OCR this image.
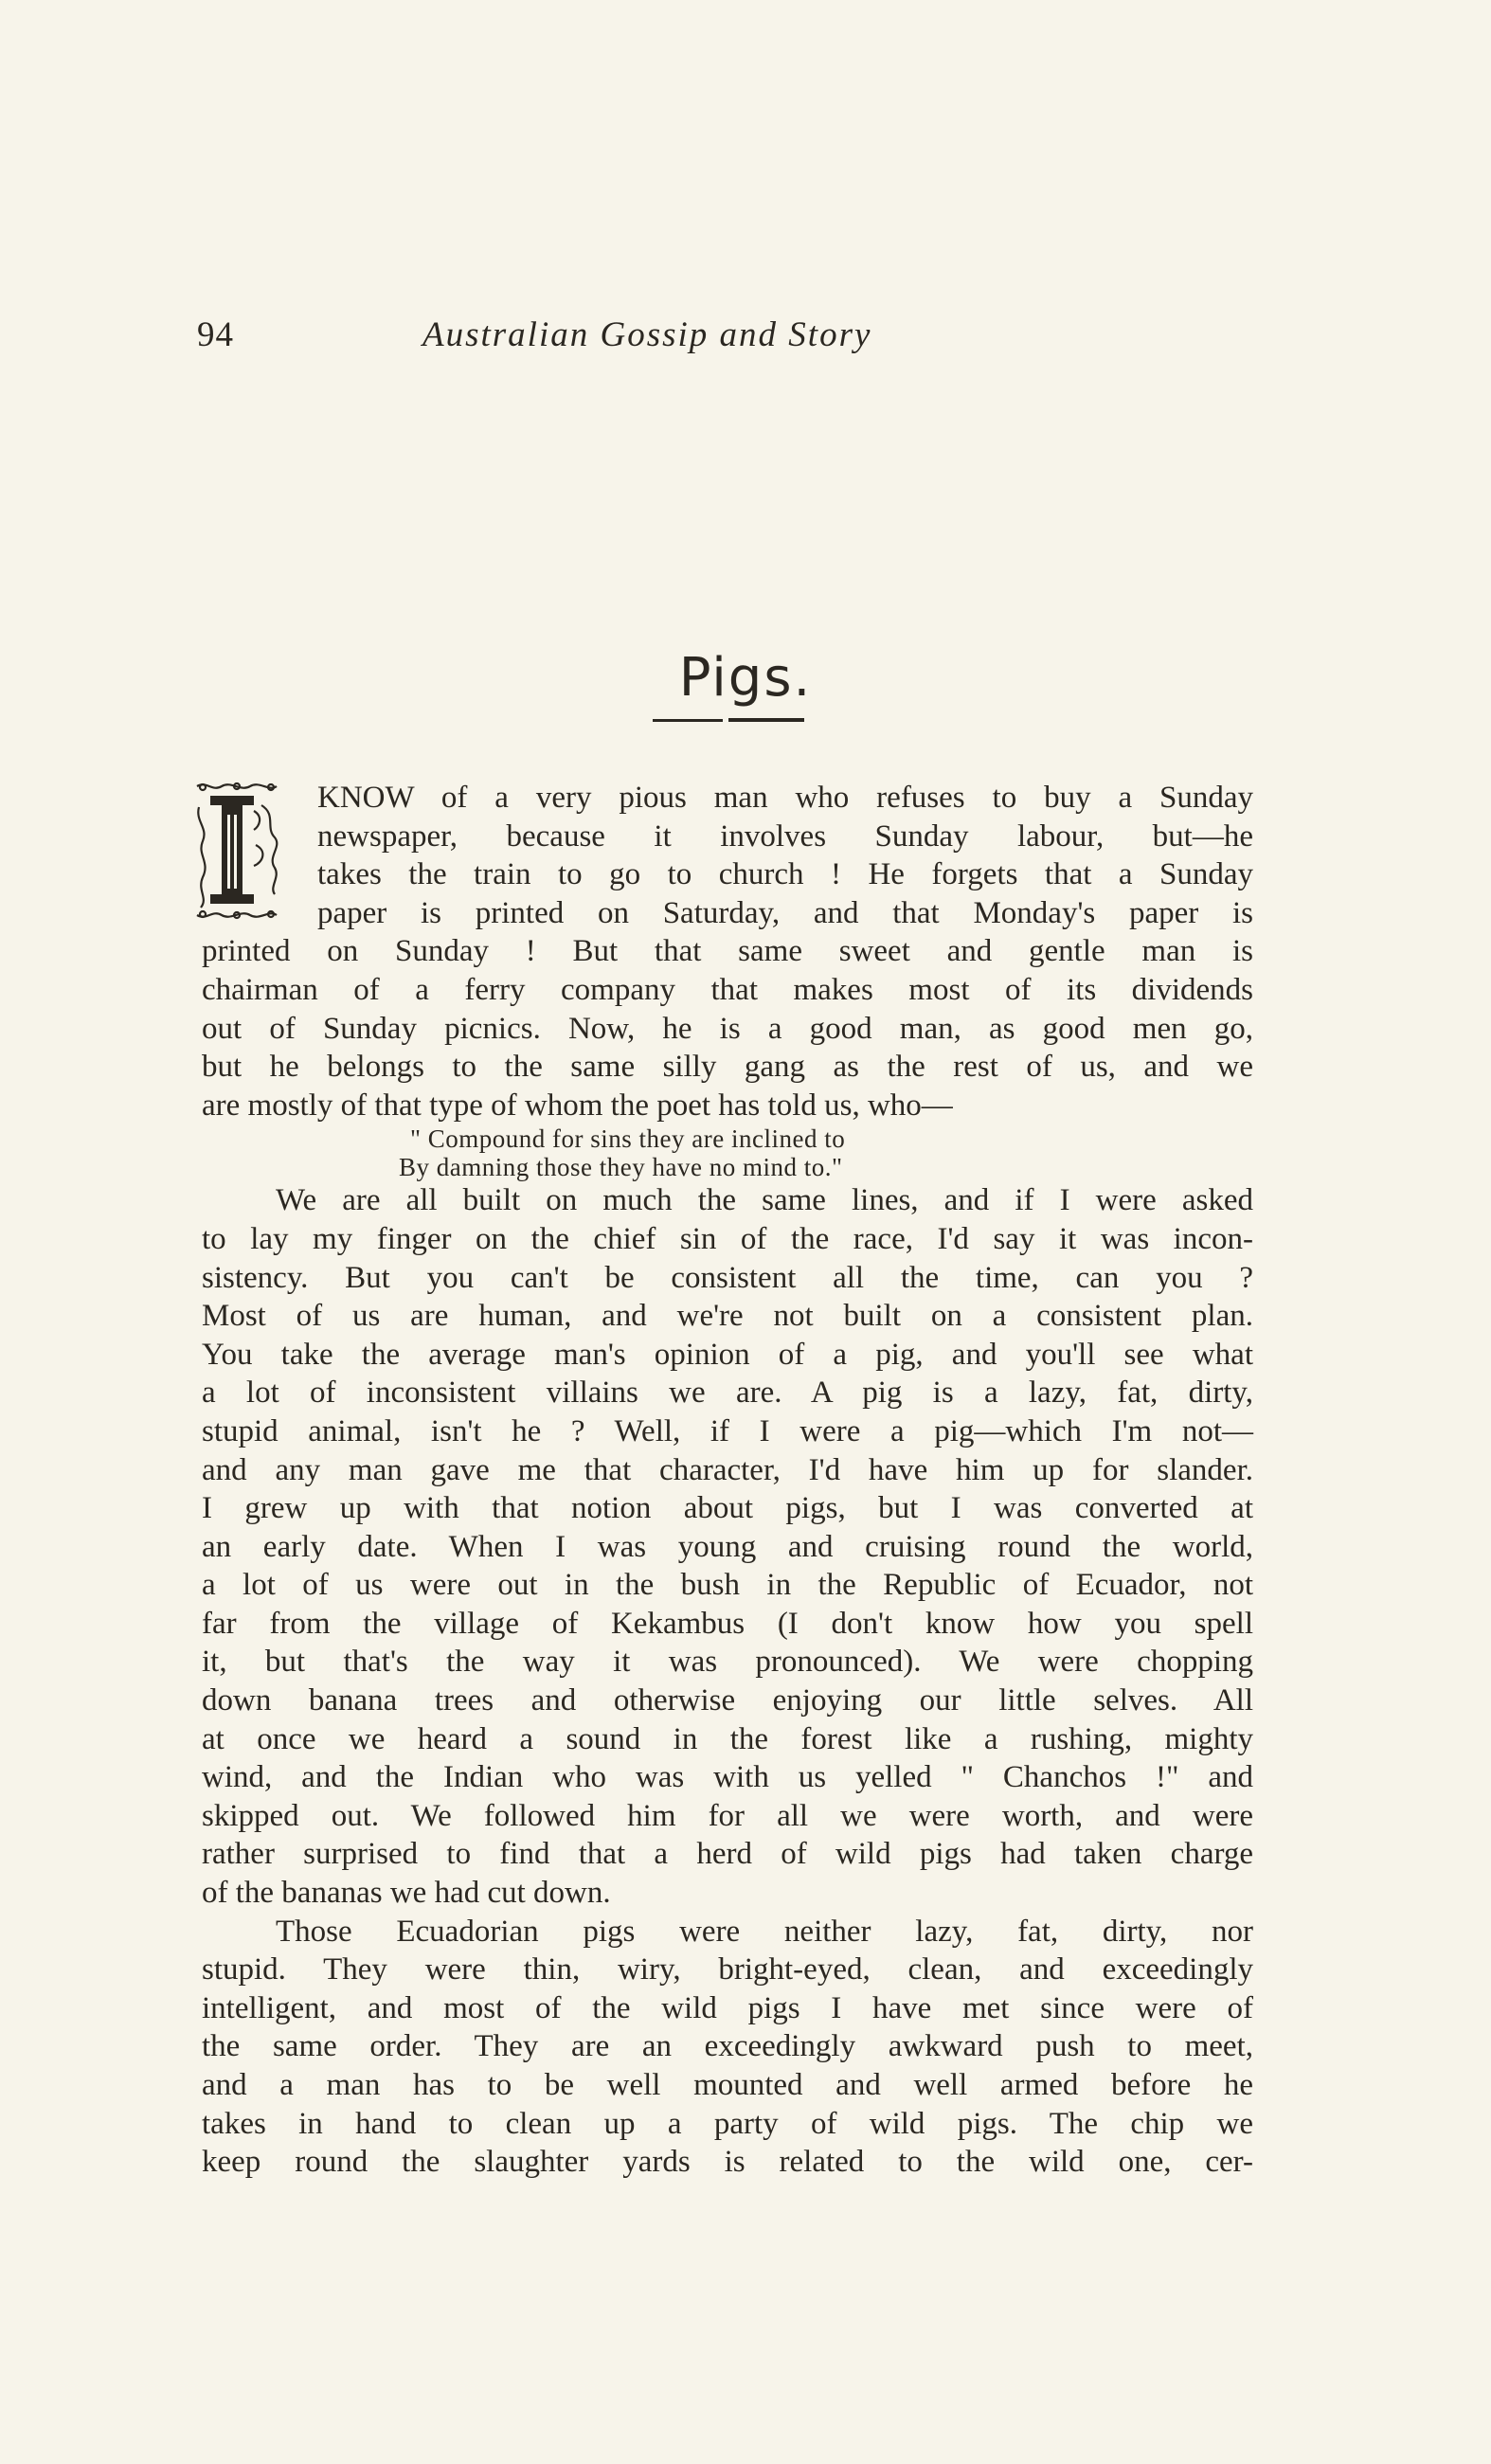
94	Australian Gossip and Story
Pigs.
KNOW of a very pious man who refuses to buy a Sunday
newspaper, because it involves Sunday labour, but—he
takes the train to go to church ! He forgets that a Sunday
paper is printed on Saturday, and that Monday's paper is
printed on Sunday ! But that same sweet and gentle man is
chairman of a ferry company that makes most of its dividends
out of Sunday picnics. Now, he is a good man, as good men go,
but he belongs to the same silly gang as the rest of us, and we
are mostly of that type of whom the poet has told us, who—
" Compound for sins they are inclined to
By damning those they have no mind to."
We are all built on much the same lines, and if I were asked
to lay my finger on the chief sin of the race, I'd say it was incon-
sistency. But you can't be consistent all the time, can you ?
Most of us are human, and we're not built on a consistent plan.
You take the average man's opinion of a pig, and you'll see what
a lot of inconsistent villains we are. A pig is a lazy, fat, dirty,
stupid animal, isn't he ? Well, if I were a pig—which I'm not—
and any man gave me that character, I'd have him up for slander.
I grew up with that notion about pigs, but I was converted at
an early date. When I was young and cruising round the world,
a lot of us were out in the bush in the Republic of Ecuador, not
far from the village of Kekambus (I don't know how you spell
it, but that's the way it was pronounced). We were chopping
down banana trees and otherwise enjoying our little selves. All
at once we heard a sound in the forest like a rushing, mighty
wind, and the Indian who was with us yelled " Chanchos !" and
skipped out. We followed him for all we were worth, and were
rather surprised to find that a herd of wild pigs had taken charge
of the bananas we had cut down.
Those Ecuadorian pigs were neither lazy, fat, dirty, nor
stupid. They were thin, wiry, bright-eyed, clean, and exceedingly
intelligent, and most of the wild pigs I have met since were of
the same order. They are an exceedingly awkward push to meet,
and a man has to be well mounted and well armed before he
takes in hand to clean up a party of wild pigs. The chip we
keep round the slaughter yards is related to the wild one, cer-
